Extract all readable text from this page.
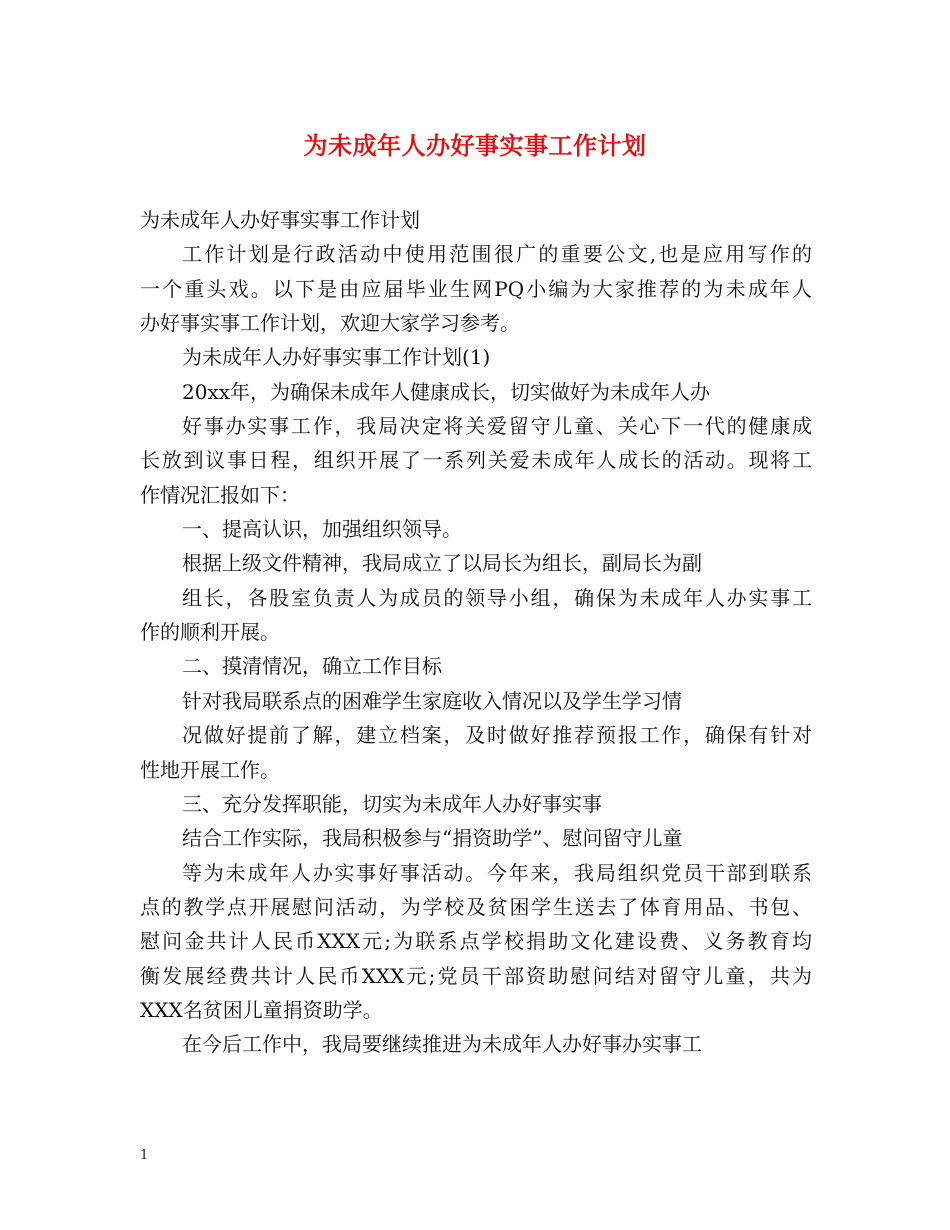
为未成年人办好事实事工作计划
为未成年人办好事实事工作计划
工作计划是行政活动中使用范围很广的重要公文,也是应用写作的
一个重头戏。以下是由应届毕业生网PQ小编为大家推荐的为未成年人
办好事实事工作计划，欢迎大家学习参考。
为未成年人办好事实事工作计划(1)
20xx年，为确保未成年人健康成长，切实做好为未成年人办
好事办实事工作，我局决定将关爱留守儿童、关心下一代的健康成
长放到议事日程，组织开展了一系列关爱未成年人成长的活动。现将工
作情况汇报如下：
一、提高认识，加强组织领导。
根据上级文件精神，我局成立了以局长为组长，副局长为副
组长，各股室负责人为成员的领导小组，确保为未成年人办实事工
作的顺利开展。
二、摸清情况，确立工作目标
针对我局联系点的困难学生家庭收入情况以及学生学习情
况做好提前了解，建立档案，及时做好推荐预报工作，确保有针对
性地开展工作。
三、充分发挥职能，切实为未成年人办好事实事
结合工作实际，我局积极参与“捐资助学”、慰问留守儿童
等为未成年人办实事好事活动。今年来，我局组织党员干部到联系
点的教学点开展慰问活动，为学校及贫困学生送去了体育用品、书包、
慰问金共计人民币XXX元;为联系点学校捐助文化建设费、义务教育均
衡发展经费共计人民币XXX元;党员干部资助慰问结对留守儿童，共为
XXX名贫困儿童捐资助学。
在今后工作中，我局要继续推进为未成年人办好事办实事工
1
